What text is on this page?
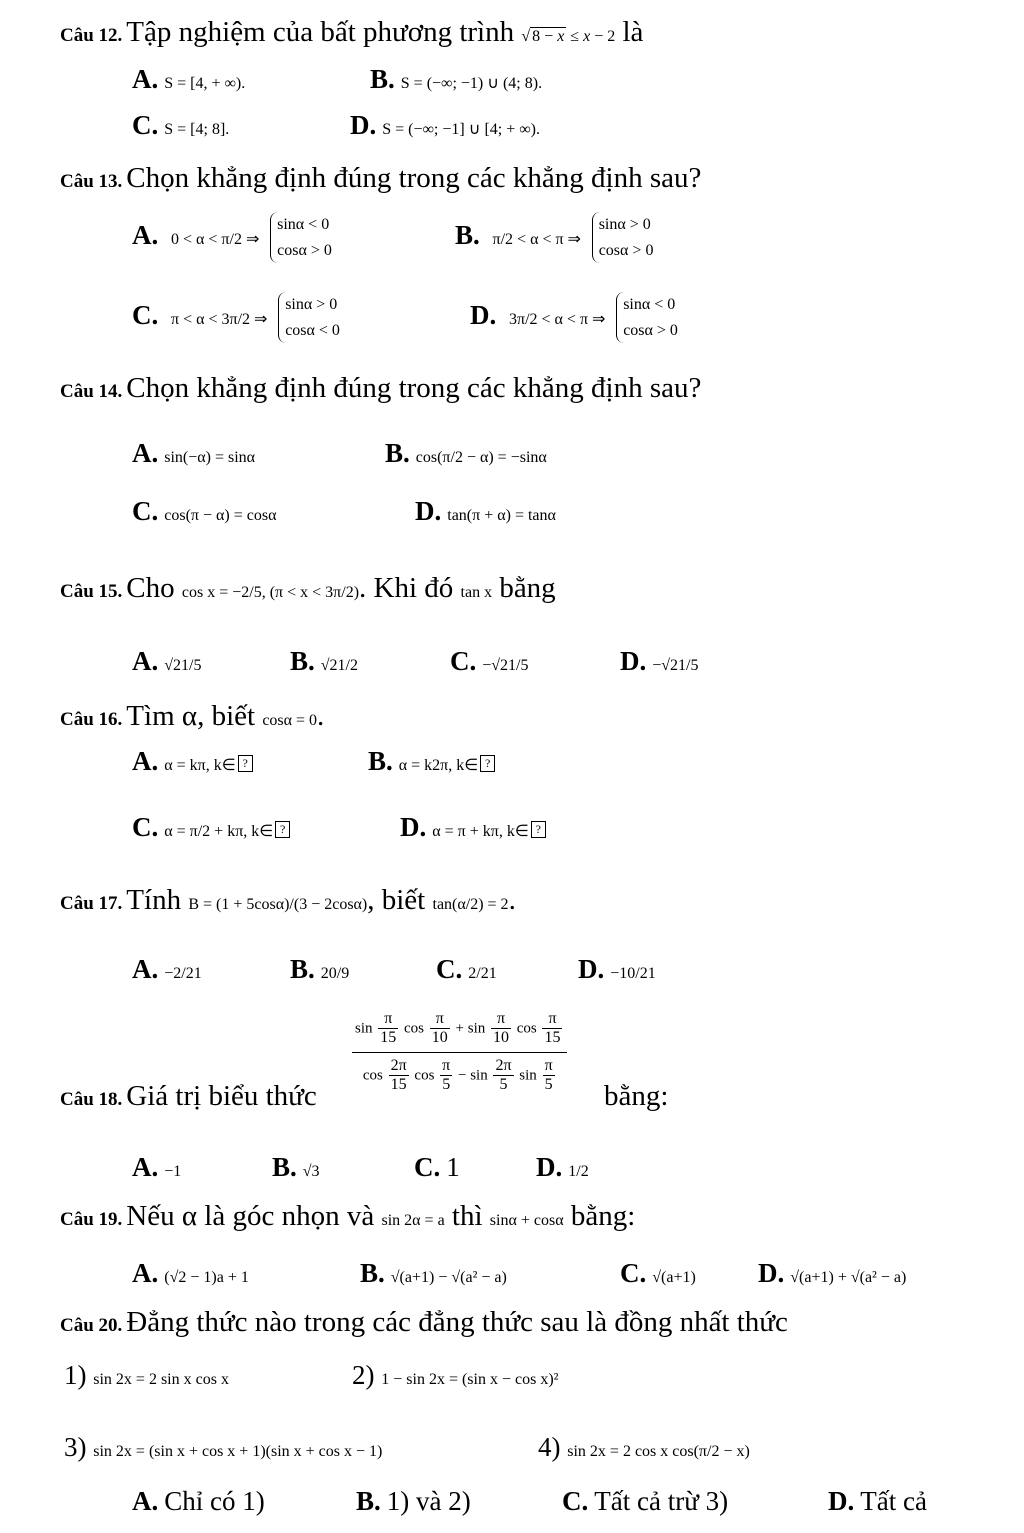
Câu 12. Tập nghiệm của bất phương trình √ 8 − x ≤ x − 2 là
A. S = [4, + ∞).	B. S = (−∞; −1) ∪ (4; 8).
C. S = [4; 8].	D. S = (−∞; −1] ∪ [4; + ∞).
Câu 13. Chọn khẳng định đúng trong các khẳng định sau?
A. 0 < α < π/2 ⇒
sinα < 0
cosα > 0
B. π/2 < α < π ⇒
sinα > 0
cosα > 0
C. π < α < 3π/2 ⇒
sinα > 0
cosα < 0
D. 3π/2 < α < π ⇒
sinα < 0
cosα > 0
Câu 14. Chọn khẳng định đúng trong các khẳng định sau?
A. sin(−α) = sinα	B. cos(π/2 − α) = −sinα
C. cos(π − α) = cosα	D. tan(π + α) = tanα
Câu 15. Cho cos x = −2/5, (π < x < 3π/2). Khi đó tan x bằng
A. √21/5	B. √21/2	C. −√21/5	D. −√21/5
Câu 16. Tìm α, biết cosα = 0.
A. α = kπ, k∈ ?	B. α = k2π, k∈ ?
C. α = π/2 + kπ, k∈ ?	D. α = π + kπ, k∈ ?
Câu 17. Tính B = (1 + 5cosα)/(3 − 2cosα), biết tan(α/2) = 2.
A. −2/21	B. 20/9	C. 2/21	D. −10/21
Câu 18. Giá trị biểu thức
$\frac{\sin \frac{\pi}{15} \cos \frac{\pi}{10} + \sin \frac{\pi}{10} \cos \frac{\pi}{15}}{\cos \frac{2\pi}{15} \cos \frac{\pi}{5} - \sin \frac{2\pi}{5} \sin \frac{\pi}{5}}$
bằng:
A. −1	B. √3	C. 1	D. 1/2
Câu 19. Nếu α là góc nhọn và sin 2α = a thì sinα + cosα bằng:
A. (√2 − 1)a + 1	B. √(a+1) − √(a² − a)	C. √(a+1) D. √(a+1) + √(a² − a)
Câu 20. Đẳng thức nào trong các đẳng thức sau là đồng nhất thức
1) sin 2x = 2 sin x cos x	2) 1 − sin 2x = (sin x − cos x)²
3) sin 2x = (sin x + cos x + 1)(sin x + cos x − 1)	4) sin 2x = 2 cos x cos(π/2 − x)
A. Chỉ có 1)	B. 1) và 2)	C. Tất cả trừ 3)	D. Tất cả
